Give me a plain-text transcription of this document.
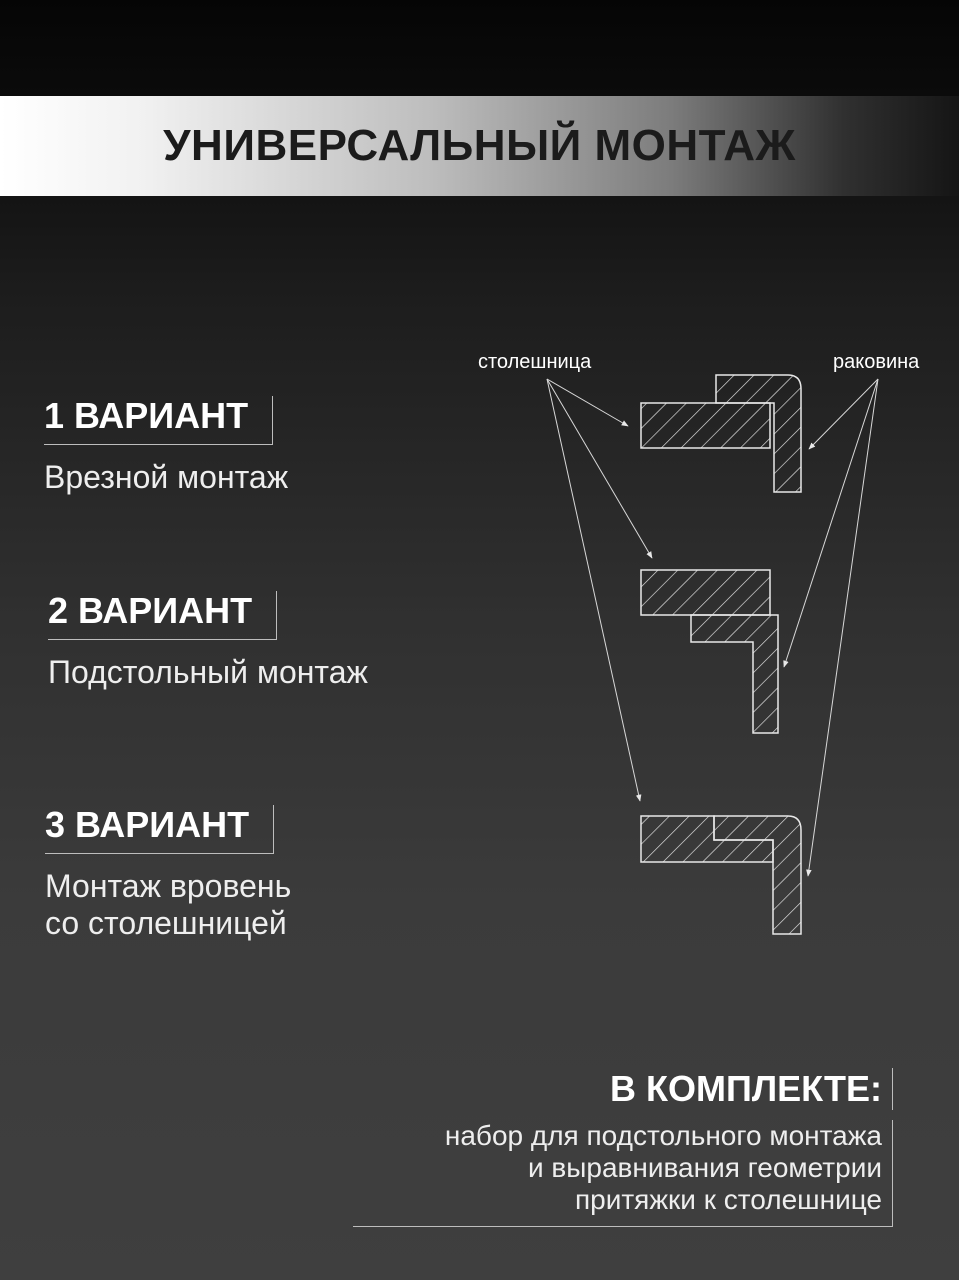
УНИВЕРСАЛЬНЫЙ МОНТАЖ
1 ВАРИАНТ
Врезной монтаж
2 ВАРИАНТ
Подстольный монтаж
3 ВАРИАНТ
Монтаж вровень
со столешницей
столешница	раковина
В КОМПЛЕКТЕ:
набор для подстольного монтажа
и выравнивания геометрии
притяжки к столешнице
